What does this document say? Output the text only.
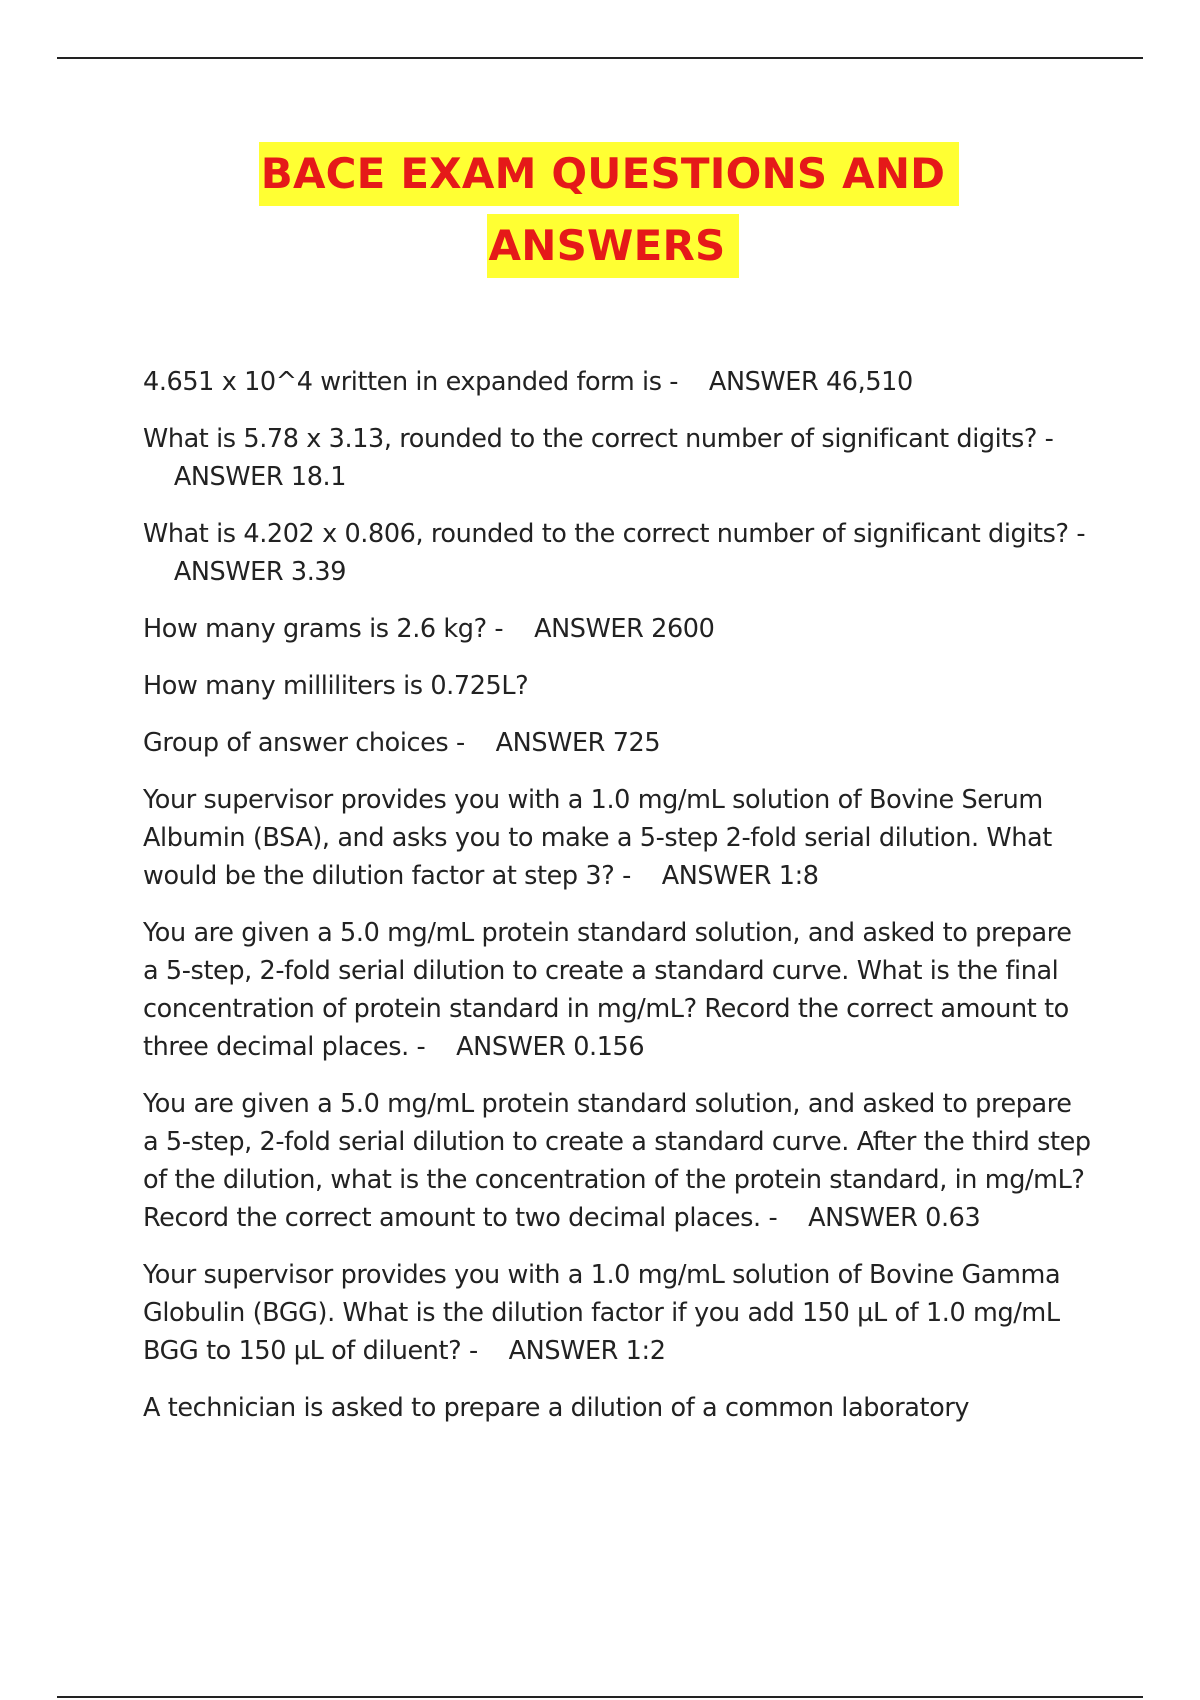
BACE EXAM QUESTIONS AND
ANSWERS

4.651 x 10^4 written in expanded form is - ANSWER 46,510

What is 5.78 x 3.13, rounded to the correct number of significant digits? -    ANSWER 18.1

What is 4.202 x 0.806, rounded to the correct number of significant digits? -    ANSWER 3.39

How many grams is 2.6 kg? - ANSWER 2600

How many milliliters is 0.725L?

Group of answer choices - ANSWER 725

Your supervisor provides you with a 1.0 mg/mL solution of Bovine Serum Albumin (BSA), and asks you to make a 5-step 2-fold serial dilution. What would be the dilution factor at step 3? - ANSWER 1:8

You are given a 5.0 mg/mL protein standard solution, and asked to prepare a 5-step, 2-fold serial dilution to create a standard curve. What is the final concentration of protein standard in mg/mL? Record the correct amount to three decimal places. - ANSWER 0.156

You are given a 5.0 mg/mL protein standard solution, and asked to prepare a 5-step, 2-fold serial dilution to create a standard curve. After the third step of the dilution, what is the concentration of the protein standard, in mg/mL? Record the correct amount to two decimal places. - ANSWER 0.63

Your supervisor provides you with a 1.0 mg/mL solution of Bovine Gamma Globulin (BGG). What is the dilution factor if you add 150 µL of 1.0 mg/mL BGG to 150 µL of diluent? - ANSWER 1:2

A technician is asked to prepare a dilution of a common laboratory
